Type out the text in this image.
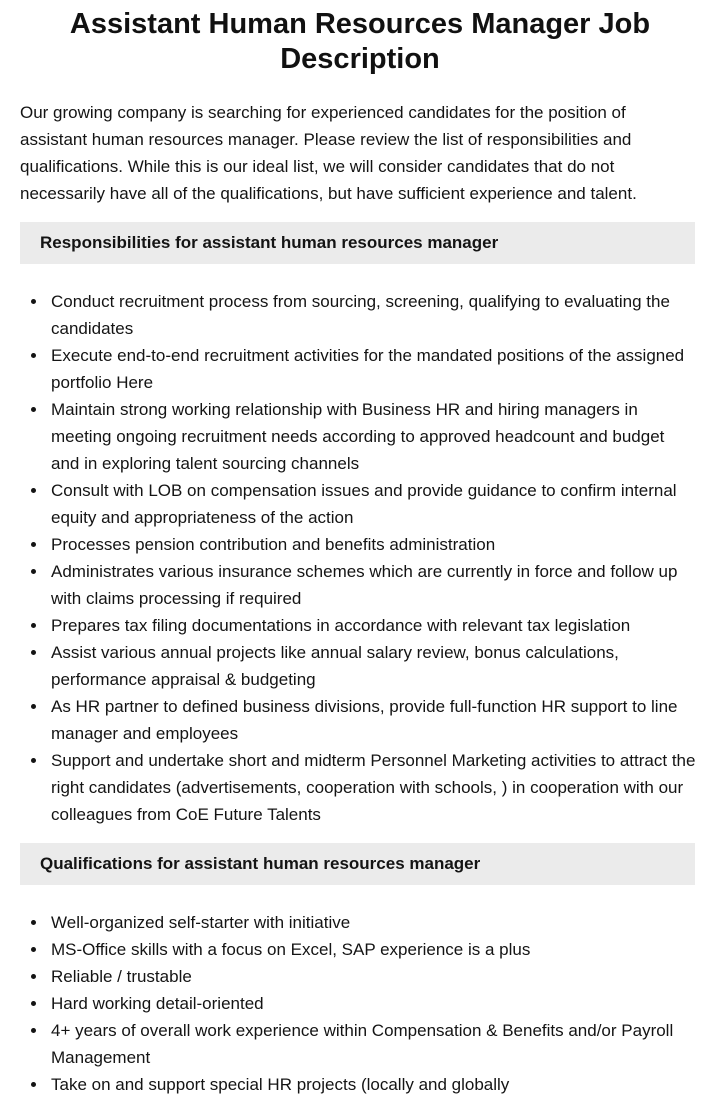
Assistant Human Resources Manager Job Description

Our growing company is searching for experienced candidates for the position of assistant human resources manager. Please review the list of responsibilities and qualifications. While this is our ideal list, we will consider candidates that do not necessarily have all of the qualifications, but have sufficient experience and talent.

Responsibilities for assistant human resources manager
• Conduct recruitment process from sourcing, screening, qualifying to evaluating the candidates
• Execute end-to-end recruitment activities for the mandated positions of the assigned portfolio Here
• Maintain strong working relationship with Business HR and hiring managers in meeting ongoing recruitment needs according to approved headcount and budget and in exploring talent sourcing channels
• Consult with LOB on compensation issues and provide guidance to confirm internal equity and appropriateness of the action
• Processes pension contribution and benefits administration
• Administrates various insurance schemes which are currently in force and follow up with claims processing if required
• Prepares tax filing documentations in accordance with relevant tax legislation
• Assist various annual projects like annual salary review, bonus calculations, performance appraisal & budgeting
• As HR partner to defined business divisions, provide full-function HR support to line manager and employees
• Support and undertake short and midterm Personnel Marketing activities to attract the right candidates (advertisements, cooperation with schools, ) in cooperation with our colleagues from CoE Future Talents
Qualifications for assistant human resources manager
• Well-organized self-starter with initiative
• MS-Office skills with a focus on Excel, SAP experience is a plus
• Reliable / trustable
• Hard working detail-oriented
• 4+ years of overall work experience within Compensation & Benefits and/or Payroll Management
• Take on and support special HR projects (locally and globally
